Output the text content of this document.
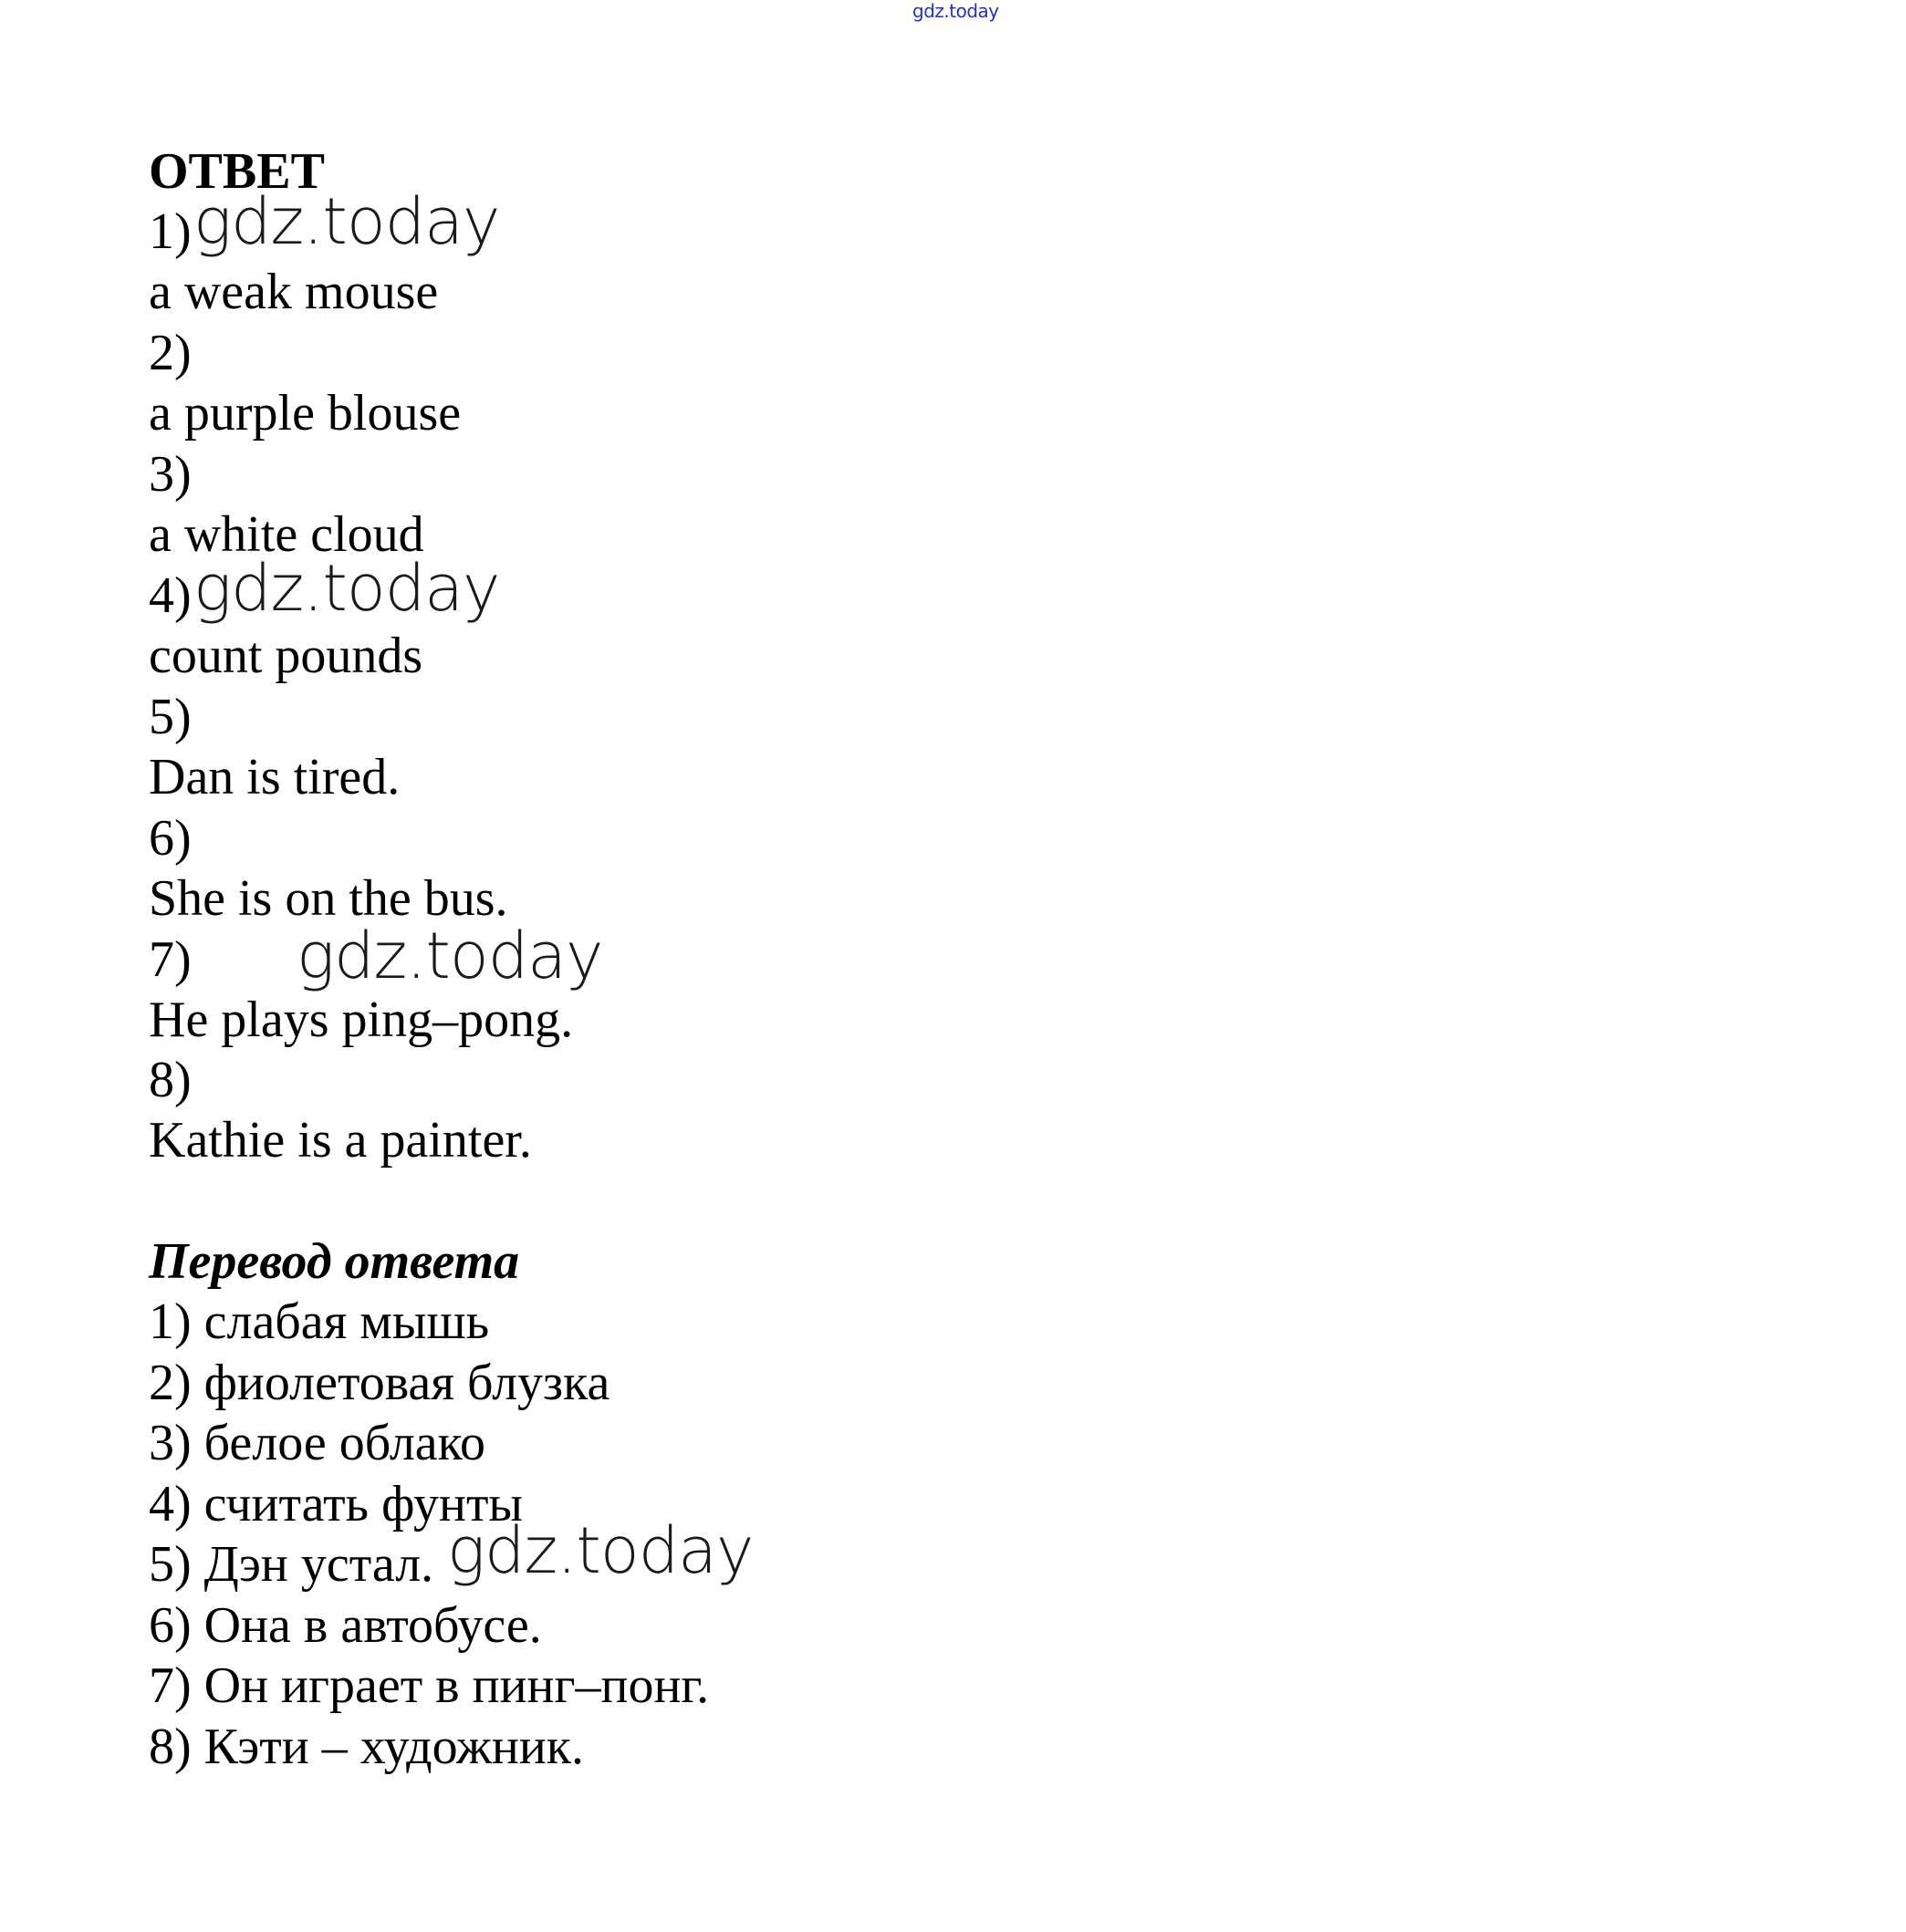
gdz.today
ОТВЕТ
1)
a weak mouse
2)
a purple blouse
3)
a white cloud
4)
count pounds
5)
Dan is tired.
6)
She is on the bus.
7)
He plays ping–pong.
8)
Kathie is a painter.
Перевод ответа
1) слабая мышь
2) фиолетовая блузка
3) белое облако
4) считать фунты
5) Дэн устал.
6) Она в автобусе.
7) Он играет в пинг–понг.
8) Кэти – художник.
gdz.today
gdz.today
gdz.today
gdz.today
